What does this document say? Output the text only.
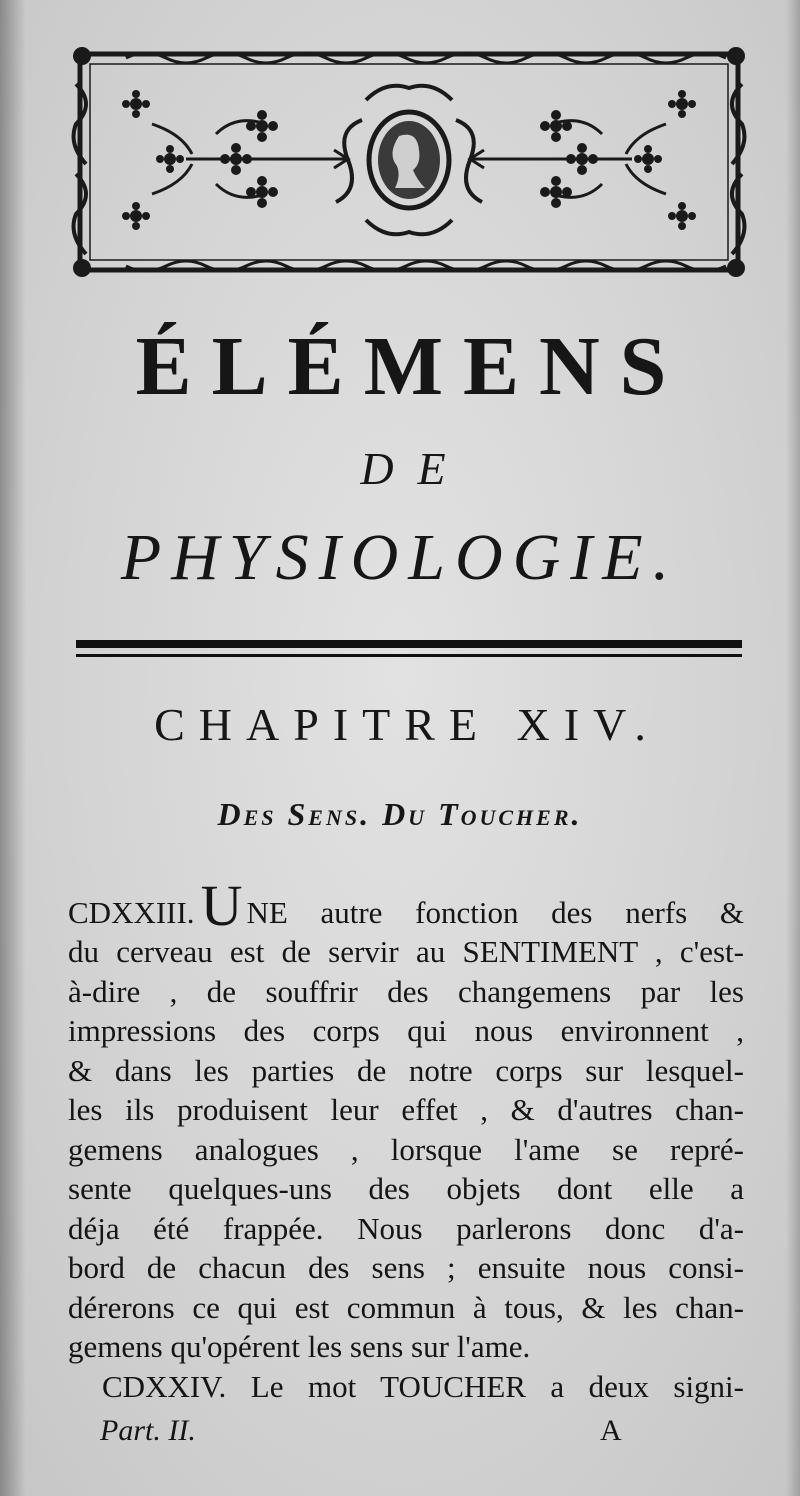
ÉLÉMENS
DE
PHYSIOLOGIE.
CHAPITRE XIV.
Des Sens. Du Toucher.
CDXXIII. U NE autre fonction des nerfs &
du cerveau est de servir au SENTIMENT , c'est-
à-dire , de souffrir des changemens par les
impressions des corps qui nous environnent ,
& dans les parties de notre corps sur lesquel-
les ils produisent leur effet , & d'autres chan-
gemens analogues , lorsque l'ame se repré-
sente quelques-uns des objets dont elle a
déja été frappée. Nous parlerons donc d'a-
bord de chacun des sens ; ensuite nous consi-
dérerons ce qui est commun à tous, & les chan-
gemens qu'opérent les sens sur l'ame.
CDXXIV. Le mot TOUCHER a deux signi-
Part. II.	A
